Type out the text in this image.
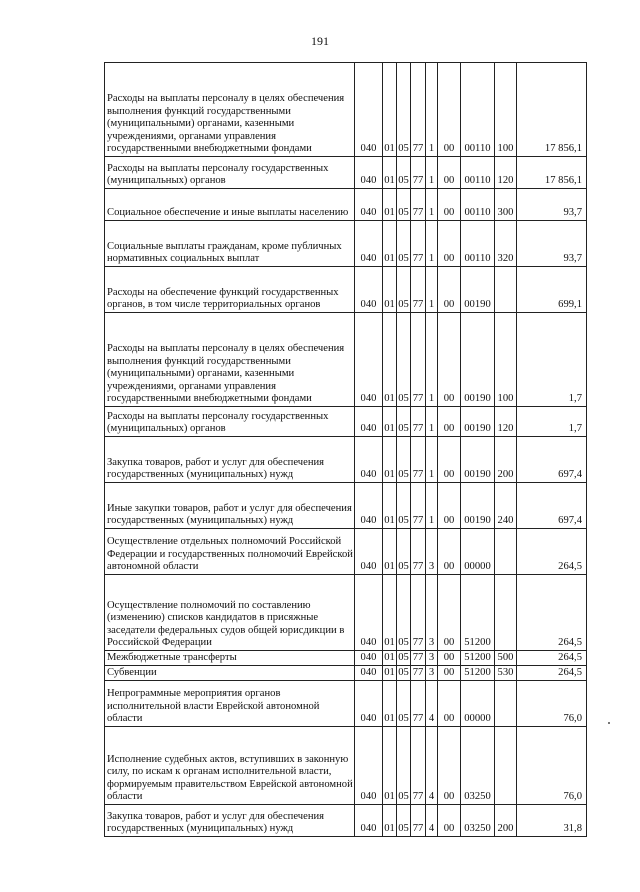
191
Расходы на выплаты персоналу в целях обеспечения выполнения функций государственными (муниципальными) органами, казенными учреждениями, органами управления государственными внебюджетными фондами	040	01	05	77	1	00	00110	100	17 856,1
Расходы на выплаты персоналу государственных (муниципальных) органов	040	01	05	77	1	00	00110	120	17 856,1
Социальное обеспечение и иные выплаты населению	040	01	05	77	1	00	00110	300	93,7
Социальные выплаты гражданам, кроме публичных нормативных социальных выплат	040	01	05	77	1	00	00110	320	93,7
Расходы на обеспечение функций государственных органов, в том числе территориальных органов	040	01	05	77	1	00	00190		699,1
Расходы на выплаты персоналу в целях обеспечения выполнения функций государственными (муниципальными) органами, казенными учреждениями, органами управления государственными внебюджетными фондами	040	01	05	77	1	00	00190	100	1,7
Расходы на выплаты персоналу государственных (муниципальных) органов	040	01	05	77	1	00	00190	120	1,7
Закупка товаров, работ и услуг для обеспечения государственных (муниципальных) нужд	040	01	05	77	1	00	00190	200	697,4
Иные закупки товаров, работ и услуг для обеспечения государственных (муниципальных) нужд	040	01	05	77	1	00	00190	240	697,4
Осуществление отдельных полномочий Российской Федерации и государственных полномочий Еврейской автономной области	040	01	05	77	3	00	00000		264,5
Осуществление полномочий по составлению (изменению) списков кандидатов в присяжные заседатели федеральных судов общей юрисдикции в Российской Федерации	040	01	05	77	3	00	51200		264,5
Межбюджетные трансферты	040	01	05	77	3	00	51200	500	264,5
Субвенции	040	01	05	77	3	00	51200	530	264,5
Непрограммные мероприятия органов исполнительной власти Еврейской автономной области	040	01	05	77	4	00	00000		76,0
Исполнение судебных актов, вступивших в законную силу, по искам к органам исполнительной власти, формируемым правительством Еврейской автономной области	040	01	05	77	4	00	03250		76,0
Закупка товаров, работ и услуг для обеспечения государственных (муниципальных) нужд	040	01	05	77	4	00	03250	200	31,8
